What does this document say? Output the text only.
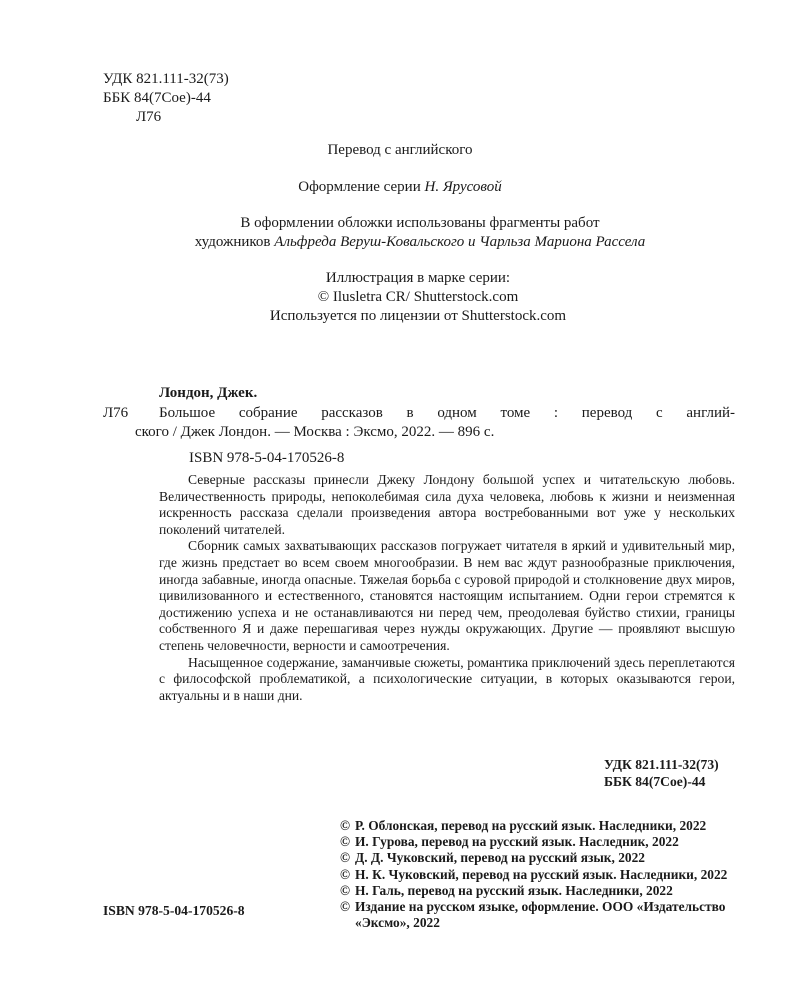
УДК 821.111-32(73)
ББК 84(7Сое)-44
Л76
Перевод с английского
Оформление серии Н. Ярусовой
В оформлении обложки использованы фрагменты работ
художников Альфреда Веруш-Ковальского и Чарльза Мариона Рассела
Иллюстрация в марке серии:
© Ilusletra CR/ Shutterstock.com
Используется по лицензии от Shutterstock.com
Лондон, Джек.
Л76 Большое собрание рассказов в одном томе : перевод с англий-
ского / Джек Лондон. — Москва : Эксмо, 2022. — 896 с.
ISBN 978-5-04-170526-8

Северные рассказы принесли Джеку Лондону большой успех и читательскую любовь. Величественность природы, непоколебимая сила духа человека, любовь к жизни и неизменная искренность рассказа сделали произведения автора востребованными вот уже у нескольких поколений читателей.

Сборник самых захватывающих рассказов погружает читателя в яркий и удивительный мир, где жизнь предстает во всем своем многообразии. В нем вас ждут разнообразные приключения, иногда забавные, иногда опасные. Тяжелая борьба с суровой природой и столкновение двух миров, цивилизованного и естественного, становятся настоящим испытанием. Одни герои стремятся к достижению успеха и не останавливаются ни перед чем, преодолевая буйство стихии, границы собственного Я и даже перешагивая через нужды окружающих. Другие — проявляют высшую степень человечности, верности и самоотречения.

Насыщенное содержание, заманчивые сюжеты, романтика приключений здесь переплетаются с философской проблематикой, а психологические ситуации, в которых оказываются герои, актуальны и в наши дни.

УДК 821.111-32(73)
ББК 84(7Сое)-44
© Р. Облонская, перевод на русский язык. Наследники, 2022
© И. Гурова, перевод на русский язык. Наследник, 2022
© Д. Д. Чуковский, перевод на русский язык, 2022
© Н. К. Чуковский, перевод на русский язык. Наследники, 2022
© Н. Галь, перевод на русский язык. Наследники, 2022
© Издание на русском языке, оформление. ООО «Издательство «Эксмо», 2022
ISBN 978-5-04-170526-8
